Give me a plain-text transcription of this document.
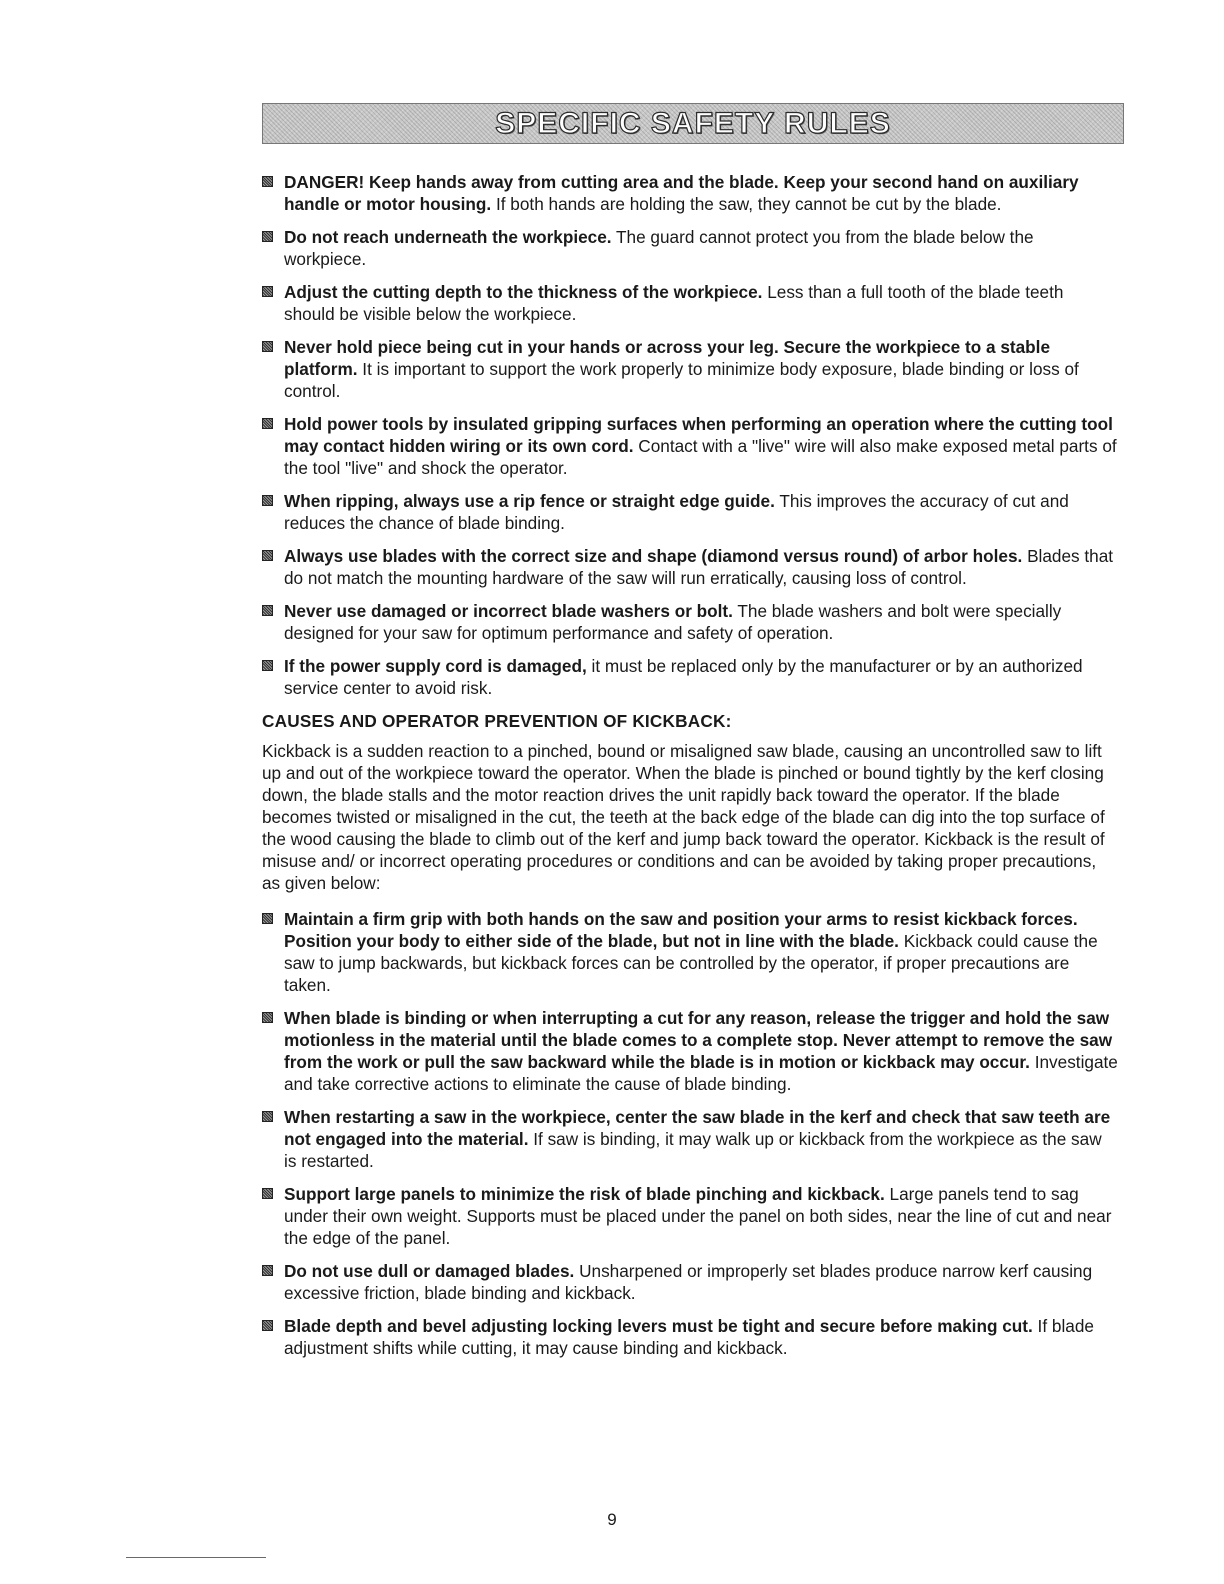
SPECIFIC SAFETY RULES
DANGER! Keep hands away from cutting area and the blade. Keep your second hand on auxiliary handle or motor housing. If both hands are holding the saw, they cannot be cut by the blade.
Do not reach underneath the workpiece. The guard cannot protect you from the blade below the workpiece.
Adjust the cutting depth to the thickness of the workpiece. Less than a full tooth of the blade teeth should be visible below the workpiece.
Never hold piece being cut in your hands or across your leg. Secure the workpiece to a stable platform. It is important to support the work properly to minimize body exposure, blade binding or loss of control.
Hold power tools by insulated gripping surfaces when performing an operation where the cutting tool may contact hidden wiring or its own cord. Contact with a "live" wire will also make exposed metal parts of the tool "live" and shock the operator.
When ripping, always use a rip fence or straight edge guide. This improves the accuracy of cut and reduces the chance of blade binding.
Always use blades with the correct size and shape (diamond versus round) of arbor holes. Blades that do not match the mounting hardware of the saw will run erratically, causing loss of control.
Never use damaged or incorrect blade washers or bolt. The blade washers and bolt were specially designed for your saw for optimum performance and safety of operation.
If the power supply cord is damaged, it must be replaced only by the manufacturer or by an authorized service center to avoid risk.
CAUSES AND OPERATOR PREVENTION OF KICKBACK:
Kickback is a sudden reaction to a pinched, bound or misaligned saw blade, causing an uncontrolled saw to lift up and out of the workpiece toward the operator. When the blade is pinched or bound tightly by the kerf closing down, the blade stalls and the motor reaction drives the unit rapidly back toward the operator. If the blade becomes twisted or misaligned in the cut, the teeth at the back edge of the blade can dig into the top surface of the wood causing the blade to climb out of the kerf and jump back toward the operator. Kickback is the result of misuse and/ or incorrect operating procedures or conditions and can be avoided by taking proper precautions, as given below:
Maintain a firm grip with both hands on the saw and position your arms to resist kickback forces. Position your body to either side of the blade, but not in line with the blade. Kickback could cause the saw to jump backwards, but kickback forces can be controlled by the operator, if proper precautions are taken.
When blade is binding or when interrupting a cut for any reason, release the trigger and hold the saw motionless in the material until the blade comes to a complete stop. Never attempt to remove the saw from the work or pull the saw backward while the blade is in motion or kickback may occur. Investigate and take corrective actions to eliminate the cause of blade binding.
When restarting a saw in the workpiece, center the saw blade in the kerf and check that saw teeth are not engaged into the material. If saw is binding, it may walk up or kickback from the workpiece as the saw is restarted.
Support large panels to minimize the risk of blade pinching and kickback. Large panels tend to sag under their own weight. Supports must be placed under the panel on both sides, near the line of cut and near the edge of the panel.
Do not use dull or damaged blades. Unsharpened or improperly set blades produce narrow kerf causing excessive friction, blade binding and kickback.
Blade depth and bevel adjusting locking levers must be tight and secure before making cut. If blade adjustment shifts while cutting, it may cause binding and kickback.
9
